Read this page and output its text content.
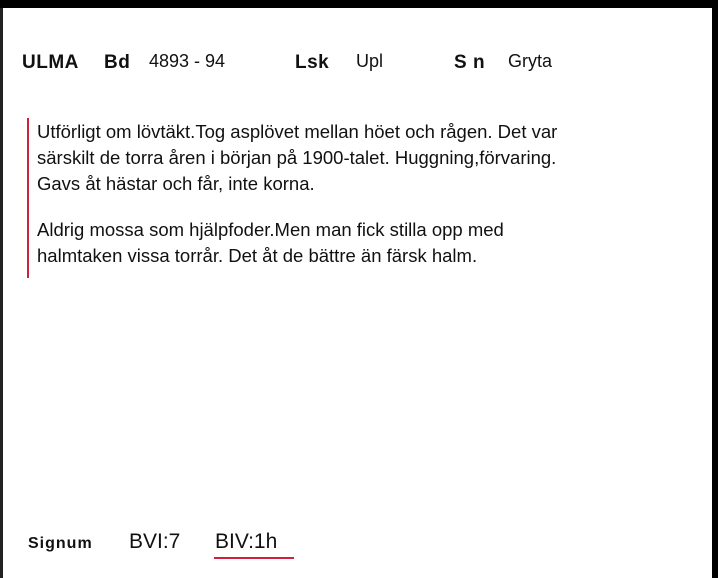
ULMA Bd 4893 - 94	Lsk Upl	S n Gryta
Utförligt om lövtäkt.Tog asplövet mellan höet och rågen. Det var
särskilt de torra åren i början på 1900-talet. Huggning,förvaring.
Gavs åt hästar och får, inte korna.
Aldrig mossa som hjälpfoder.Men man fick stilla opp med
halmtaken vissa torrår. Det åt de bättre än färsk halm.
Signum BVI:7 BIV:1h
